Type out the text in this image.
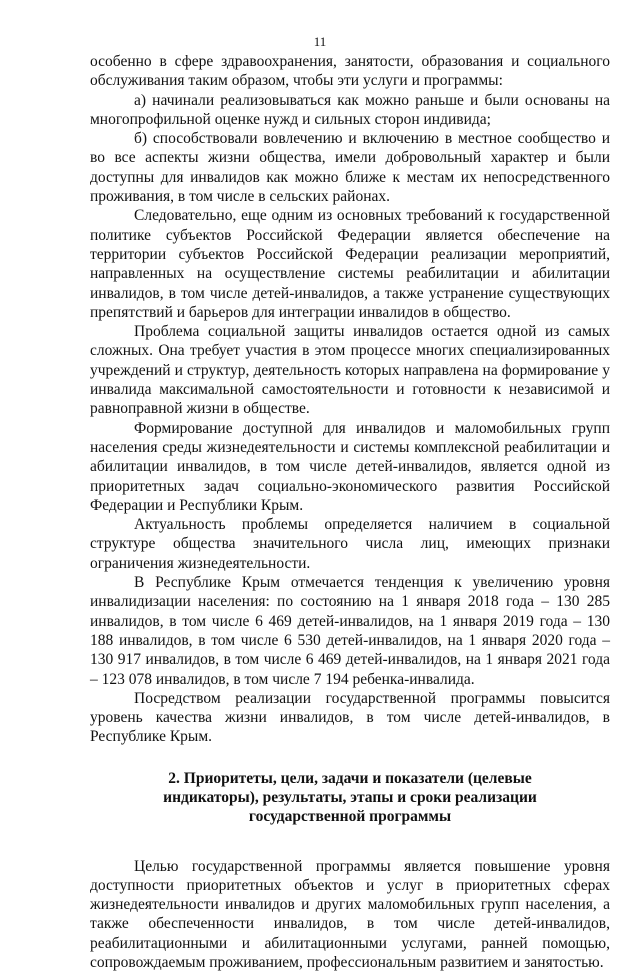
11

особенно в сфере здравоохранения, занятости, образования и социального обслуживания таким образом, чтобы эти услуги и программы:

а) начинали реализовываться как можно раньше и были основаны на многопрофильной оценке нужд и сильных сторон индивида;

б) способствовали вовлечению и включению в местное сообщество и во все аспекты жизни общества, имели добровольный характер и были доступны для инвалидов как можно ближе к местам их непосредственного проживания, в том числе в сельских районах.

Следовательно, еще одним из основных требований к государственной политике субъектов Российской Федерации является обеспечение на территории субъектов Российской Федерации реализации мероприятий, направленных на осуществление системы реабилитации и абилитации инвалидов, в том числе детей-инвалидов, а также устранение существующих препятствий и барьеров для интеграции инвалидов в общество.

Проблема социальной защиты инвалидов остается одной из самых сложных. Она требует участия в этом процессе многих специализированных учреждений и структур, деятельность которых направлена на формирование у инвалида максимальной самостоятельности и готовности к независимой и равноправной жизни в обществе.

Формирование доступной для инвалидов и маломобильных групп населения среды жизнедеятельности и системы комплексной реабилитации и абилитации инвалидов, в том числе детей-инвалидов, является одной из приоритетных задач социально-экономического развития Российской Федерации и Республики Крым.

Актуальность проблемы определяется наличием в социальной структуре общества значительного числа лиц, имеющих признаки ограничения жизнедеятельности.

В Республике Крым отмечается тенденция к увеличению уровня инвалидизации населения: по состоянию на 1 января 2018 года – 130 285 инвалидов, в том числе 6 469 детей-инвалидов, на 1 января 2019 года – 130 188 инвалидов, в том числе 6 530 детей-инвалидов, на 1 января 2020 года – 130 917 инвалидов, в том числе 6 469 детей-инвалидов, на 1 января 2021 года – 123 078 инвалидов, в том числе 7 194 ребенка-инвалида.

Посредством реализации государственной программы повысится уровень качества жизни инвалидов, в том числе детей-инвалидов, в Республике Крым.

2. Приоритеты, цели, задачи и показатели (целевые индикаторы), результаты, этапы и сроки реализации государственной программы

Целью государственной программы является повышение уровня доступности приоритетных объектов и услуг в приоритетных сферах жизнедеятельности инвалидов и других маломобильных групп населения, а также обеспеченности инвалидов, в том числе детей-инвалидов, реабилитационными и абилитационными услугами, ранней помощью, сопровождаемым проживанием, профессиональным развитием и занятостью.
